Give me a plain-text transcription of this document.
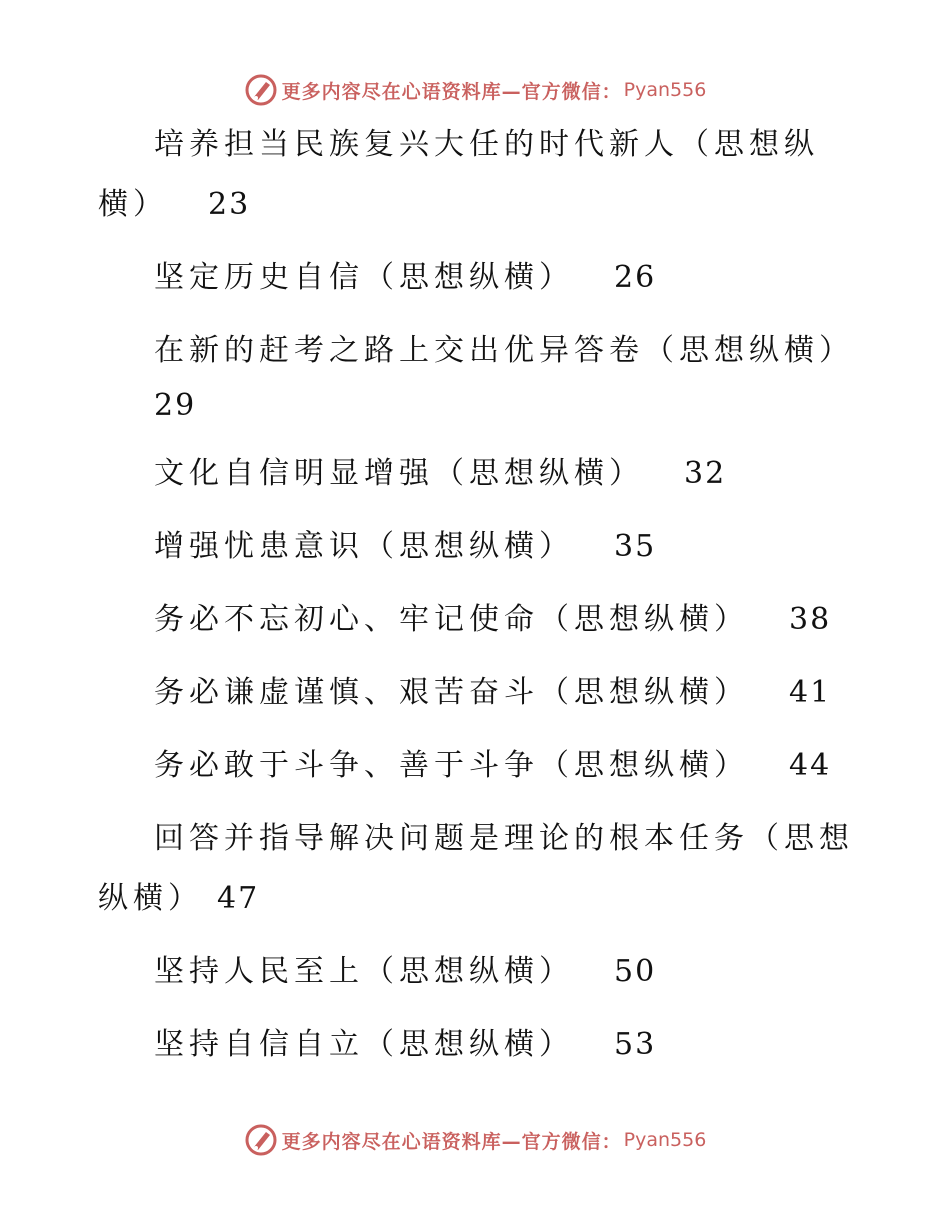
更多内容尽在心语资料库—官方微信： Pyan556
培养担当民族复兴大任的时代新人（思想纵横） 23
坚定历史自信（思想纵横） 26
在新的赶考之路上交出优异答卷（思想纵横）
29
文化自信明显增强（思想纵横） 32
增强忧患意识（思想纵横） 35
务必不忘初心、牢记使命（思想纵横） 38
务必谦虚谨慎、艰苦奋斗（思想纵横） 41
务必敢于斗争、善于斗争（思想纵横） 44
回答并指导解决问题是理论的根本任务（思想纵横） 47
坚持人民至上（思想纵横） 50
坚持自信自立（思想纵横） 53
更多内容尽在心语资料库—官方微信： Pyan556
